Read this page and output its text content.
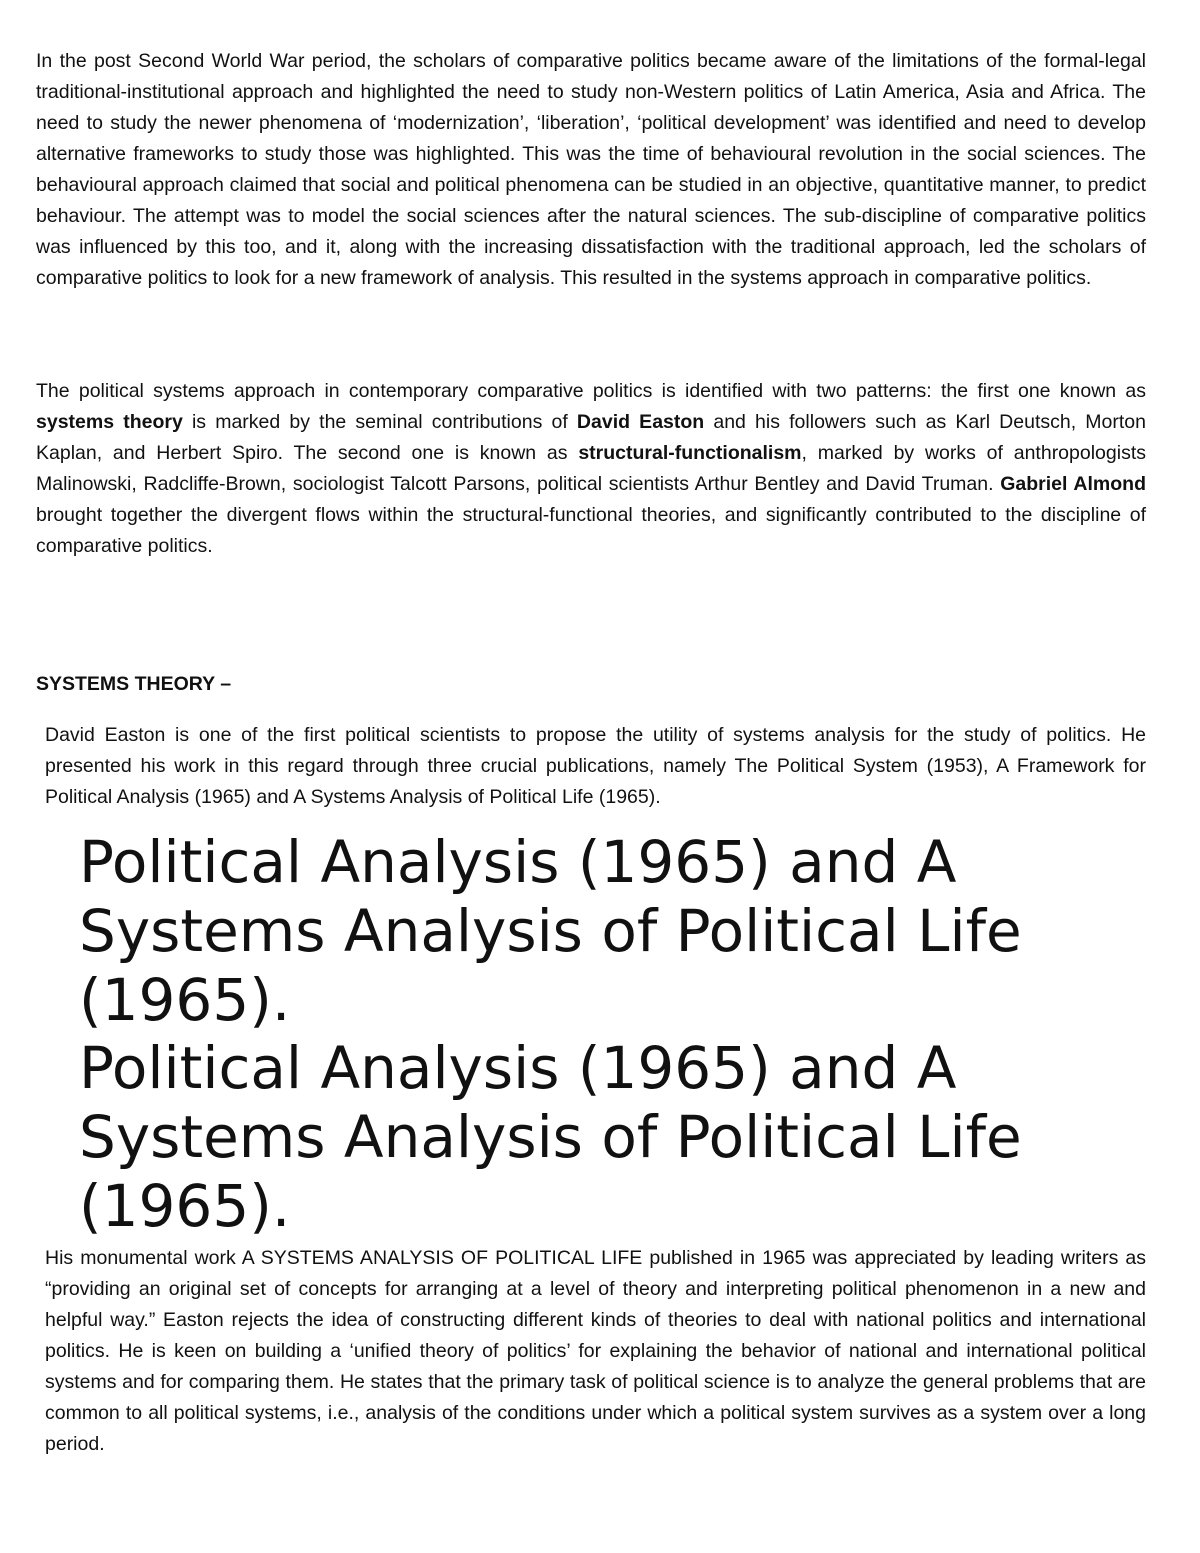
In the post Second World War period, the scholars of comparative politics became aware of the limitations of the formal-legal traditional-institutional approach and highlighted the need to study non-Western politics of Latin America, Asia and Africa. The need to study the newer phenomena of ‘modernization’, ‘liberation’, ‘political development’ was identified and need to develop alternative frameworks to study those was highlighted. This was the time of behavioural revolution in the social sciences. The behavioural approach claimed that social and political phenomena can be studied in an objective, quantitative manner, to predict behaviour. The attempt was to model the social sciences after the natural sciences. The sub-discipline of comparative politics was influenced by this too, and it, along with the increasing dissatisfaction with the traditional approach, led the scholars of comparative politics to look for a new framework of analysis. This resulted in the systems approach in comparative politics.

The political systems approach in contemporary comparative politics is identified with two patterns: the first one known as systems theory is marked by the seminal contributions of David Easton and his followers such as Karl Deutsch, Morton Kaplan, and Herbert Spiro. The second one is known as structural-functionalism, marked by works of anthropologists Malinowski, Radcliffe-Brown, sociologist Talcott Parsons, political scientists Arthur Bentley and David Truman. Gabriel Almond brought together the divergent flows within the structural-functional theories, and significantly contributed to the discipline of comparative politics.

SYSTEMS THEORY –

David Easton is one of the first political scientists to propose the utility of systems analysis for the study of politics. He presented his work in this regard through three crucial publications, namely The Political System (1953), A Framework for Political Analysis (1965) and A Systems Analysis of Political Life (1965).

Political Analysis (1965) and A Systems Analysis of Political Life (1965).

Political Analysis (1965) and A Systems Analysis of Political Life (1965).

His monumental work A SYSTEMS ANALYSIS OF POLITICAL LIFE published in 1965 was appreciated by leading writers as “providing an original set of concepts for arranging at a level of theory and interpreting political phenomenon in a new and helpful way.” Easton rejects the idea of constructing different kinds of theories to deal with national politics and international politics. He is keen on building a ‘unified theory of politics’ for explaining the behavior of national and international political systems and for comparing them. He states that the primary task of political science is to analyze the general problems that are common to all political systems, i.e., analysis of the conditions under which a political system survives as a system over a long period.
